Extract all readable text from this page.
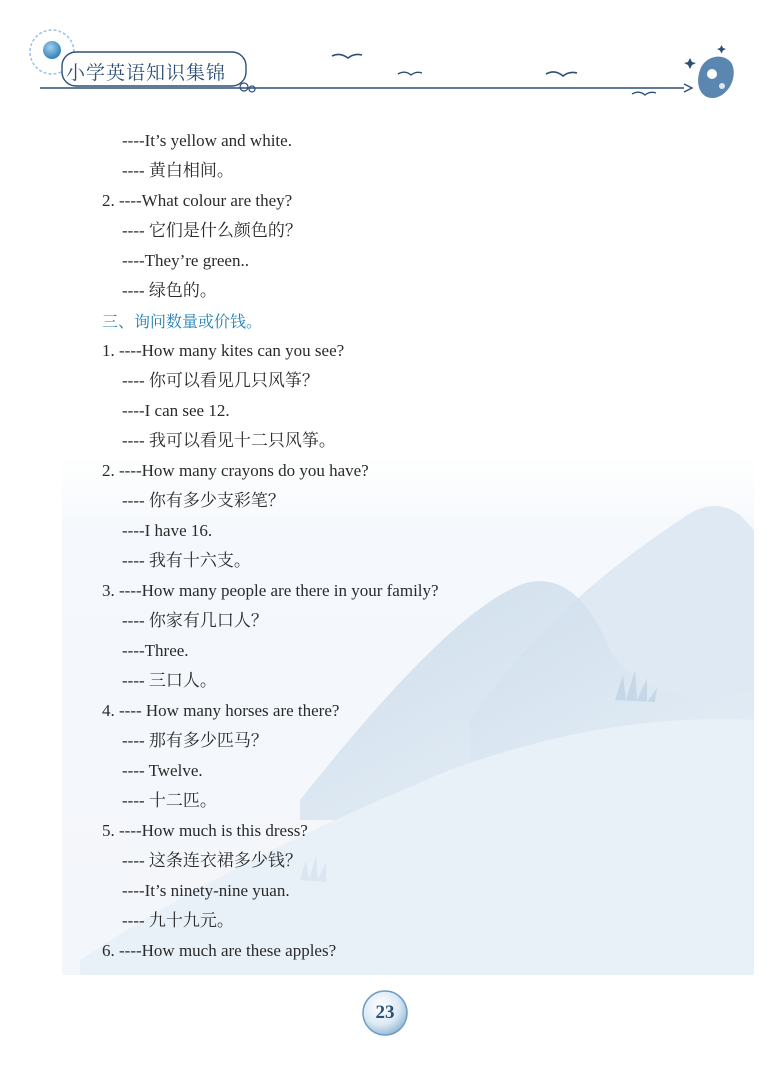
小学英语知识集锦
----It’s yellow and white.
---- 黄白相间。
2. ----What colour are they?
---- 它们是什么颜色的？
----They’re green..
---- 绿色的。
三、询问数量或价钱。
1. ----How many kites can you see?
---- 你可以看见几只风筝？
----I can see 12.
---- 我可以看见十二只风筝。
2. ----How many crayons do you have?
---- 你有多少支彩笔？
----I have 16.
---- 我有十六支。
3. ----How many people are there in your family?
---- 你家有几口人？
----Three.
---- 三口人。
4. ---- How many horses are there?
---- 那有多少匹马？
---- Twelve.
---- 十二匹。
5. ----How much is this dress?
---- 这条连衣裙多少钱？
----It’s ninety-nine yuan.
---- 九十九元。
6. ----How much are these apples?
23
